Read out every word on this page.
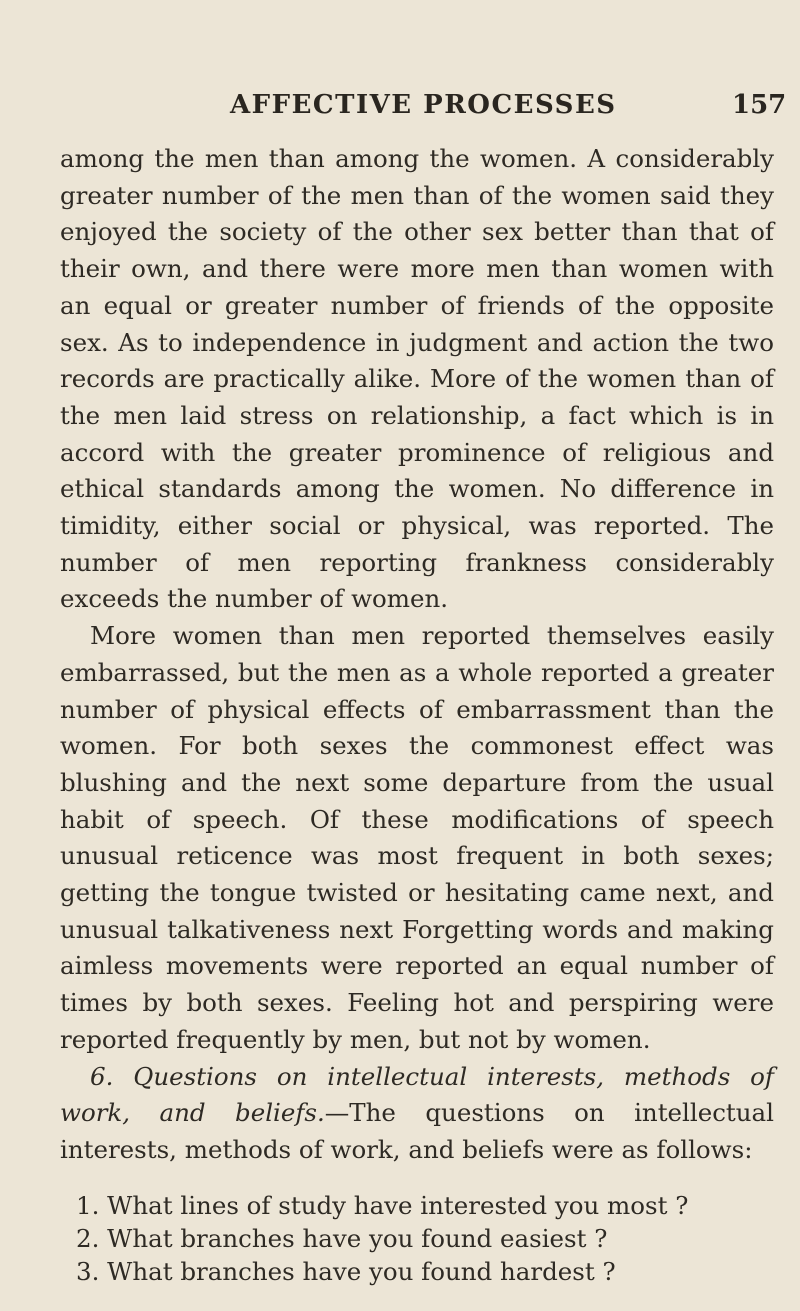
AFFECTIVE PROCESSES	157

among the men than among the women. A considerably greater number of the men than of the women said they enjoyed the society of the other sex better than that of their own, and there were more men than women with an equal or greater number of friends of the opposite sex. As to independence in judgment and action the two records are practically alike. More of the women than of the men laid stress on relationship, a fact which is in accord with the greater prominence of religious and ethical standards among the women. No difference in timidity, either social or physical, was reported. The number of men reporting frankness considerably exceeds the number of women.

More women than men reported themselves easily embarrassed, but the men as a whole reported a greater number of physical effects of embarrassment than the women. For both sexes the commonest effect was blushing and the next some departure from the usual habit of speech. Of these modifications of speech unusual reticence was most frequent in both sexes; getting the tongue twisted or hesitating came next, and unusual talkativeness next Forgetting words and making aimless movements were reported an equal number of times by both sexes. Feeling hot and perspiring were reported frequently by men, but not by women.

6. Questions on intellectual interests, methods of work, and beliefs.—The questions on intellectual interests, methods of work, and beliefs were as follows:

1. What lines of study have interested you most ?
2. What branches have you found easiest ?
3. What branches have you found hardest ?
